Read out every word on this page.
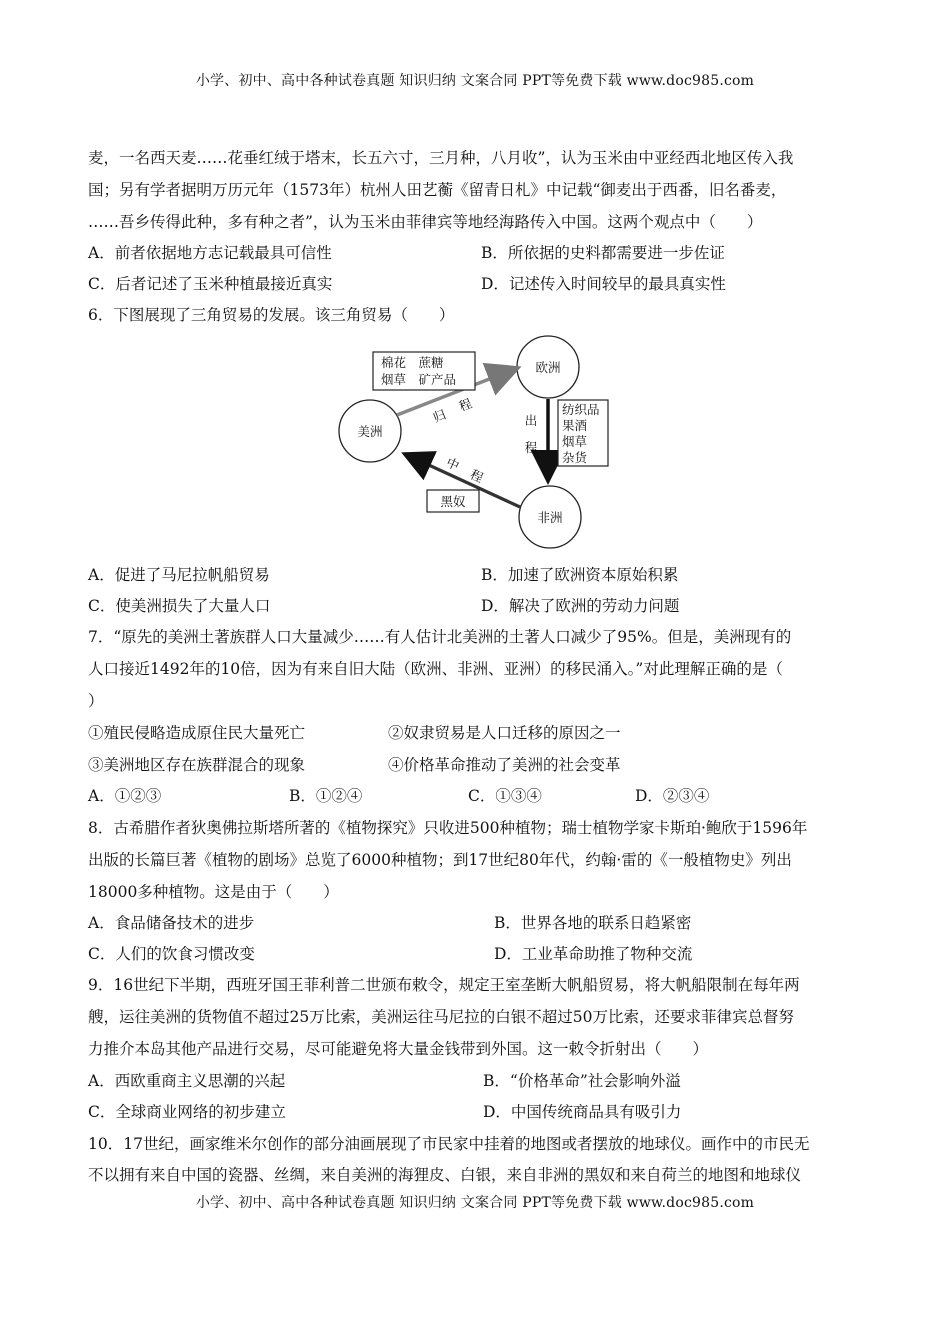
小学、初中、高中各种试卷真题 知识归纳 文案合同 PPT等免费下载 www.doc985.com
麦，一名西天麦……花垂红绒于塔末，长五六寸，三月种，八月收”，认为玉米由中亚经西北地区传入我
国；另有学者据明万历元年（1573年）杭州人田艺蘅《留青日札》中记载“御麦出于西番，旧名番麦，
……吾乡传得此种，多有种之者”，认为玉米由菲律宾等地经海路传入中国。这两个观点中（　　）
A．前者依据地方志记载最具可信性	B．所依据的史料都需要进一步佐证
C．后者记述了玉米种植最接近真实	D．记述传入时间较早的最具真实性
6．下图展现了三角贸易的发展。该三角贸易（　　）
美洲
欧洲
非洲
归
程
棉花　蔗糖
烟草　矿产品
出
程
纺织品
果酒
烟草
杂货
中
程
黑奴
A．促进了马尼拉帆船贸易	B．加速了欧洲资本原始积累
C．使美洲损失了大量人口	D．解决了欧洲的劳动力问题
7．“原先的美洲土著族群人口大量减少……有人估计北美洲的土著人口减少了95%。但是，美洲现有的
人口接近1492年的10倍，因为有来自旧大陆（欧洲、非洲、亚洲）的移民涌入。”对此理解正确的是（
）
①殖民侵略造成原住民大量死亡	②奴隶贸易是人口迁移的原因之一
③美洲地区存在族群混合的现象	④价格革命推动了美洲的社会变革
A．①②③	B．①②④	C．①③④	D．②③④
8．古希腊作者狄奥佛拉斯塔所著的《植物探究》只收进500种植物；瑞士植物学家卡斯珀·鲍欣于1596年
出版的长篇巨著《植物的剧场》总览了6000种植物；到17世纪80年代，约翰·雷的《一般植物史》列出
18000多种植物。这是由于（　　）
A．食品储备技术的进步	B．世界各地的联系日趋紧密
C．人们的饮食习惯改变	D．工业革命助推了物种交流
9．16世纪下半期，西班牙国王菲利普二世颁布敕令，规定王室垄断大帆船贸易，将大帆船限制在每年两
艘，运往美洲的货物值不超过25万比索，美洲运往马尼拉的白银不超过50万比索，还要求菲律宾总督努
力推介本岛其他产品进行交易，尽可能避免将大量金钱带到外国。这一敕令折射出（　　）
A．西欧重商主义思潮的兴起	B．“价格革命”社会影响外溢
C．全球商业网络的初步建立	D．中国传统商品具有吸引力
10．17世纪，画家维米尔创作的部分油画展现了市民家中挂着的地图或者摆放的地球仪。画作中的市民无
不以拥有来自中国的瓷器、丝绸，来自美洲的海狸皮、白银，来自非洲的黑奴和来自荷兰的地图和地球仪
小学、初中、高中各种试卷真题 知识归纳 文案合同 PPT等免费下载 www.doc985.com
